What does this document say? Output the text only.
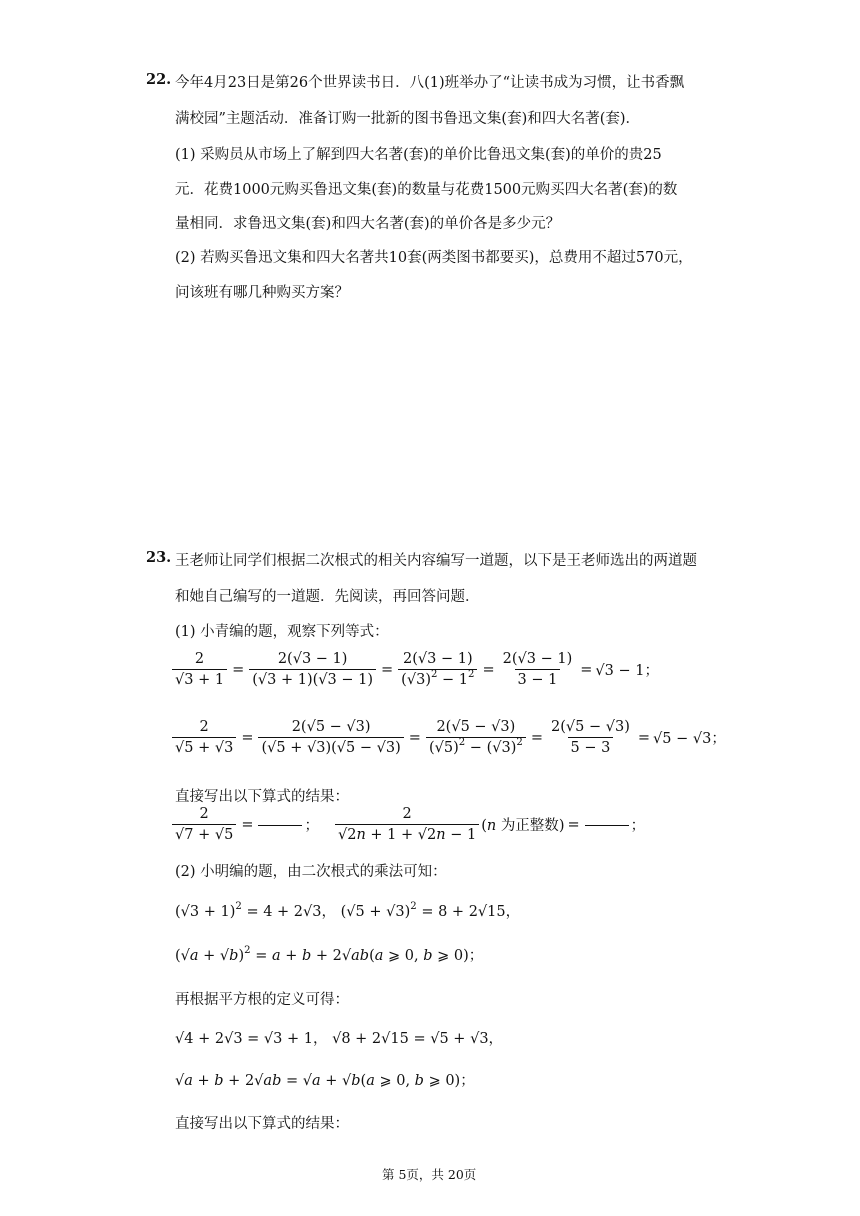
22. 今年4月23日是第26个世界读书日．八(1)班举办了“让读书成为习惯，让书香飘
满校园”主题活动．准备订购一批新的图书鲁迅文集(套)和四大名著(套)．
(1) 采购员从市场上了解到四大名著(套)的单价比鲁迅文集(套)的单价的贵25
元．花费1000元购买鲁迅文集(套)的数量与花费1500元购买四大名著(套)的数
量相同．求鲁迅文集(套)和四大名著(套)的单价各是多少元？
(2) 若购买鲁迅文集和四大名著共10套(两类图书都要买)，总费用不超过570元，
问该班有哪几种购买方案？
23. 王老师让同学们根据二次根式的相关内容编写一道题，以下是王老师选出的两道题
和她自己编写的一道题．先阅读，再回答问题．
(1) 小青编的题，观察下列等式：
$\frac{2}{√3 + 1} = \frac{2(√3 - 1)}{(√3 + 1)(√3 - 1)} = \frac{2(√3 - 1)}{(√3)^2 - 1^2} = \frac{2(√3 - 1)}{3 - 1} = √3 - 1$；
$\frac{2}{√5 + √3} = \frac{2(√5 - √3)}{(√5 + √3)(√5 - √3)} = \frac{2(√5 - √3)}{(√5)^2 - (√3)^2} = \frac{2(√5 - √3)}{5 - 3} = √5 - √3$；
直接写出以下算式的结果：
$\frac{2}{√7 + √5}$ =	； $\frac{2}{√2n + 1 + √2n - 1} (n$ 为正整数) =	；
(2) 小明编的题，由二次根式的乘法可知：
$(√3 + 1)^2 = 4 + 2√3$， $(√5 + √3)^2 = 8 + 2√15$，
$(√a + √b)^2 = a + b + 2√ab(a$ ⩾ 0, b ⩾ 0)；
再根据平方根的定义可得：
√4 + 2√3 = √3 + 1， √8 + 2√15 = √5 + √3，
√a + b + 2√ab = √a + √b(a ⩾ 0, b ⩾ 0)；
直接写出以下算式的结果：
第 5页，共 20页
